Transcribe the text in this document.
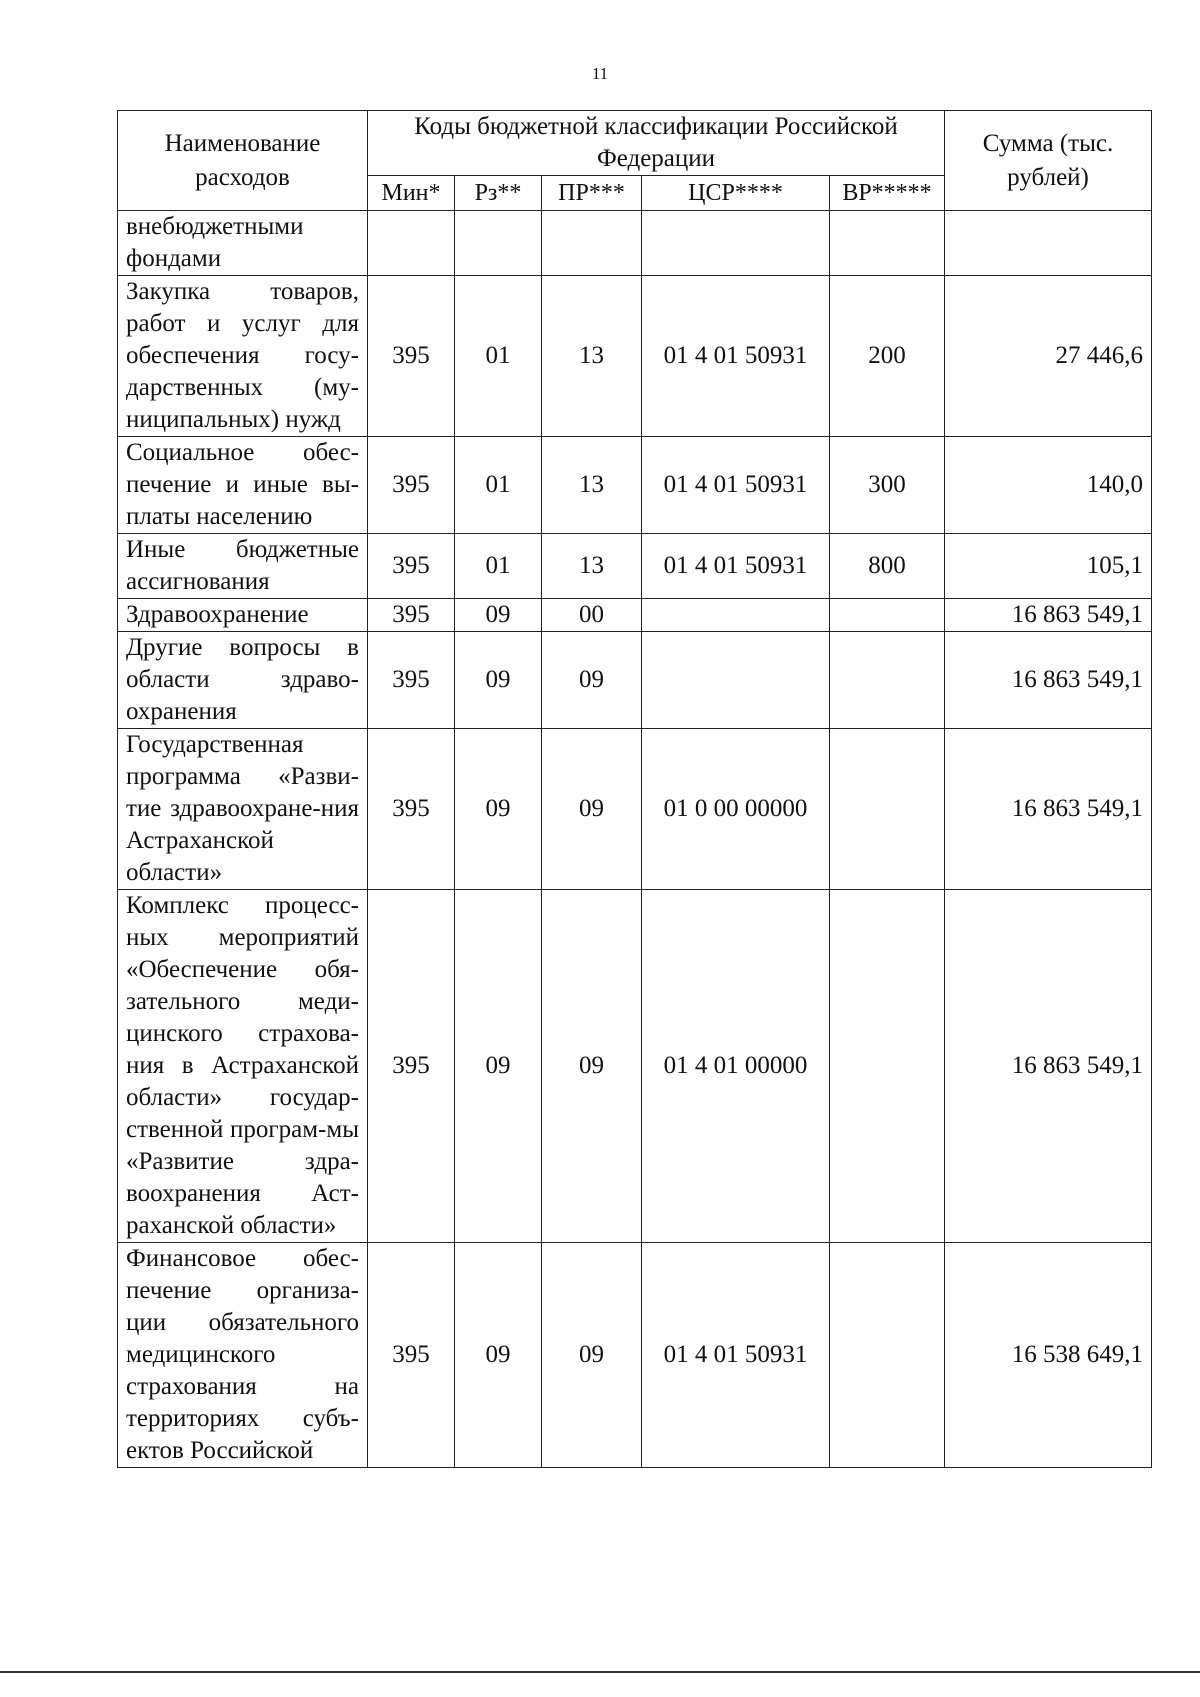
11
Наименование расходов	Коды бюджетной классификации Российской Федерации					Сумма (тыс. рублей)
	Мин*	Рз**	ПР***	ЦСР****	ВР*****	
внебюджетными фондами						
Закупка товаров, работ и услуг для обеспечения госу-дарственных (му-ниципальных) нужд	395	01	13	01 4 01 50931	200	27 446,6
Социальное обес-печение и иные вы-платы населению	395	01	13	01 4 01 50931	300	140,0
Иные бюджетные ассигнования	395	01	13	01 4 01 50931	800	105,1
Здравоохранение	395	09	00			16 863 549,1
Другие вопросы в области здраво-охранения	395	09	09			16 863 549,1
Государственная программа «Разви-тие здравоохране-ния Астраханской области»	395	09	09	01 0 00 00000		16 863 549,1
Комплекс процесс-ных мероприятий «Обеспечение обя-зательного меди-цинского страхова-ния в Астраханской области» государ-ственной програм-мы «Развитие здра-воохранения Аст-раханской области»	395	09	09	01 4 01 00000		16 863 549,1
Финансовое обес-печение организа-ции обязательного медицинского страхования на территориях субъ-ектов Российской	395	09	09	01 4 01 50931		16 538 649,1
